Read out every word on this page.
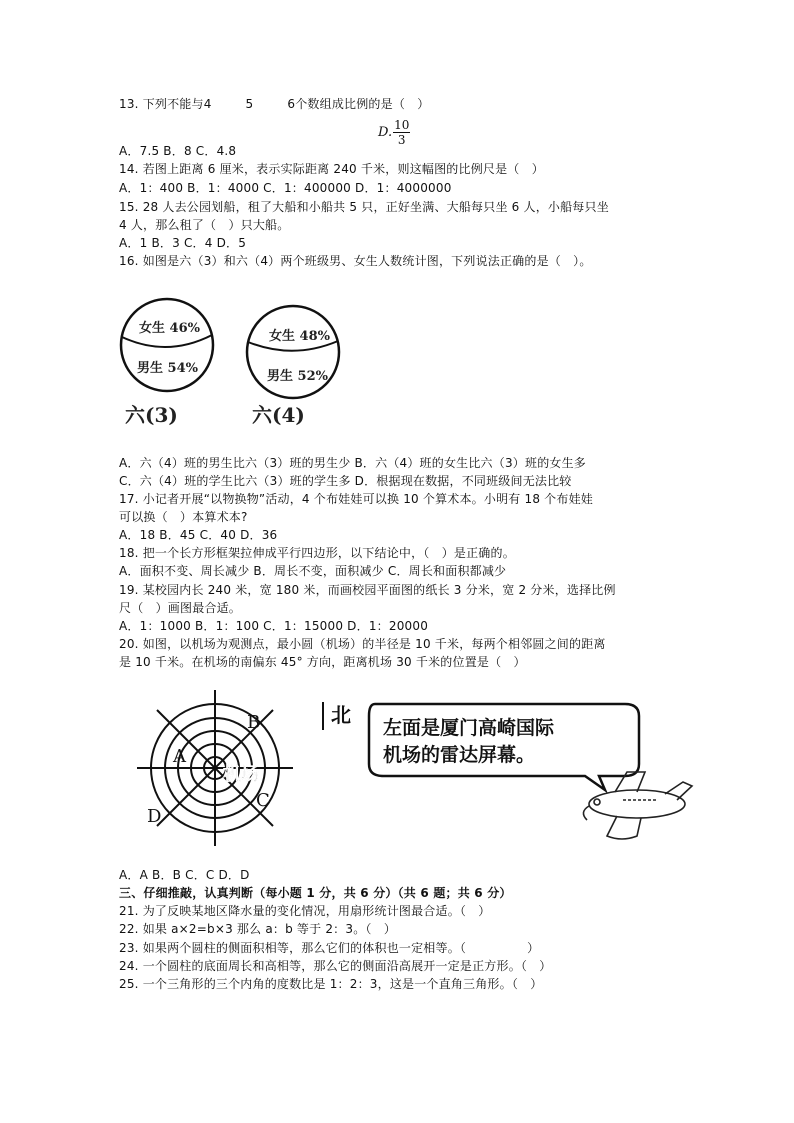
13. 下列不能与4	5	6个数组成比例的是（　）
D. $\frac{10}{3}$
A．7.5 B．8 C．4.8
14. 若图上距离 6 厘米，表示实际距离 240 千米，则这幅图的比例尺是（　）
A．1：400 B．1：4000 C．1：400000 D．1：4000000
15. 28 人去公园划船，租了大船和小船共 5 只，正好坐满、大船每只坐 6 人，小船每只坐
4 人，那么租了（　）只大船。
A．1 B．3 C．4 D．5
16. 如图是六（3）和六（4）两个班级男、女生人数统计图，下列说法正确的是（　）。
女生 46%
男生 54%
六(3)
女生 48%
男生 52%
六(4)
A．六（4）班的男生比六（3）班的男生少 B．六（4）班的女生比六（3）班的女生多
C．六（4）班的学生比六（3）班的学生多 D．根据现在数据，不同班级间无法比较
17. 小记者开展“以物换物”活动，4 个布娃娃可以换 10 个算术本。小明有 18 个布娃娃
可以换（　）本算术本?
A．18 B．45 C．40 D．36
18. 把一个长方形框架拉伸成平行四边形，以下结论中，（　）是正确的。
A．面积不变、周长减少 B．周长不变，面积减少 C．周长和面积都减少
19. 某校园内长 240 米，宽 180 米，而画校园平面图的纸长 3 分米，宽 2 分米，选择比例
尺（　）画图最合适。
A．1：1000 B．1：100 C．1：15000 D．1：20000
20. 如图，以机场为观测点，最小圆（机场）的半径是 10 千米，每两个相邻圆之间的距离
是 10 千米。在机场的南偏东 45° 方向，距离机场 30 千米的位置是（　）
机场
A
B
C
D
北
左面是厦门高崎国际
机场的雷达屏幕。
A．A B．B C．C D．D
三、仔细推敲，认真判断（每小题 1 分，共 6 分）（共 6 题；共 6 分）
21. 为了反映某地区降水量的变化情况，用扇形统计图最合适。（　）
22. 如果 a×2=b×3 那么 a：b 等于 2：3。（　）
23. 如果两个圆柱的侧面积相等，那么它们的体积也一定相等。（　　　　　）
24. 一个圆柱的底面周长和高相等，那么它的侧面沿高展开一定是正方形。（　）
25. 一个三角形的三个内角的度数比是 1：2：3，这是一个直角三角形。（　）
